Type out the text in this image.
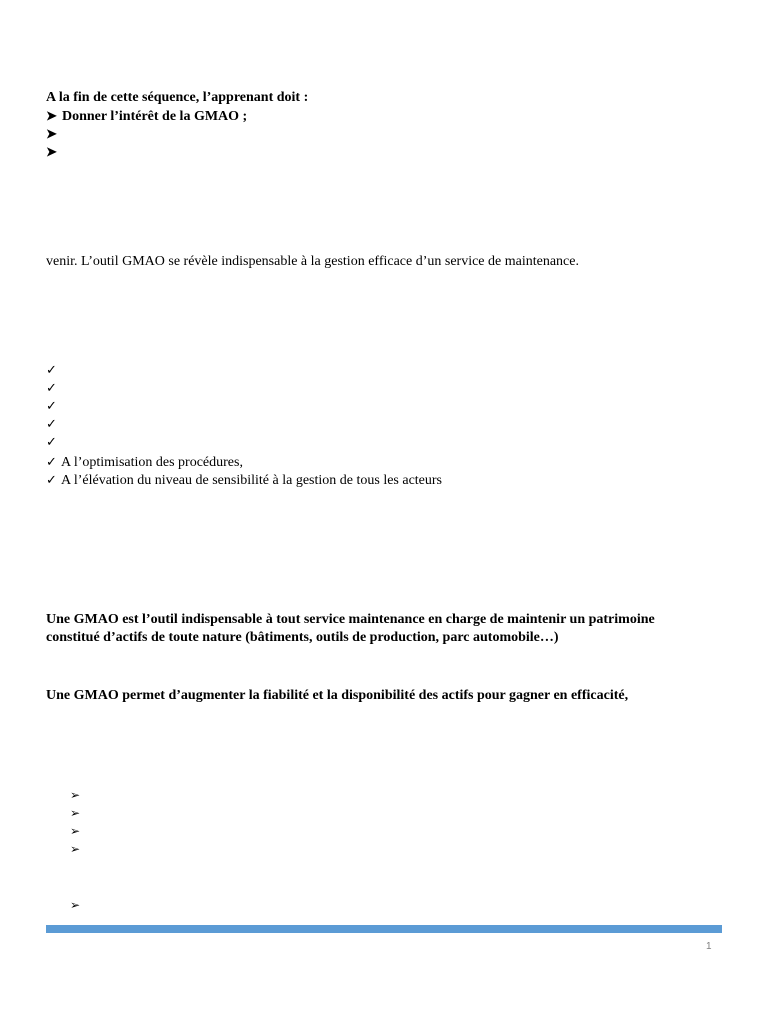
A la fin de cette séquence, l’apprenant doit :
➤ Donner l’intérêt de la GMAO ;
➤
➤
venir. L’outil GMAO se révèle indispensable à la gestion efficace d’un service de maintenance.
✓
✓
✓
✓
✓
✓ A l’optimisation des procédures,
✓ A l’élévation du niveau de sensibilité à la gestion de tous les acteurs
Une GMAO est l’outil indispensable à tout service maintenance en charge de maintenir un patrimoine
constitué d’actifs de toute nature (bâtiments, outils de production, parc automobile…)
Une GMAO permet d’augmenter la fiabilité et la disponibilité des actifs pour gagner en efficacité,
➢
➢
➢
➢
➢
1
